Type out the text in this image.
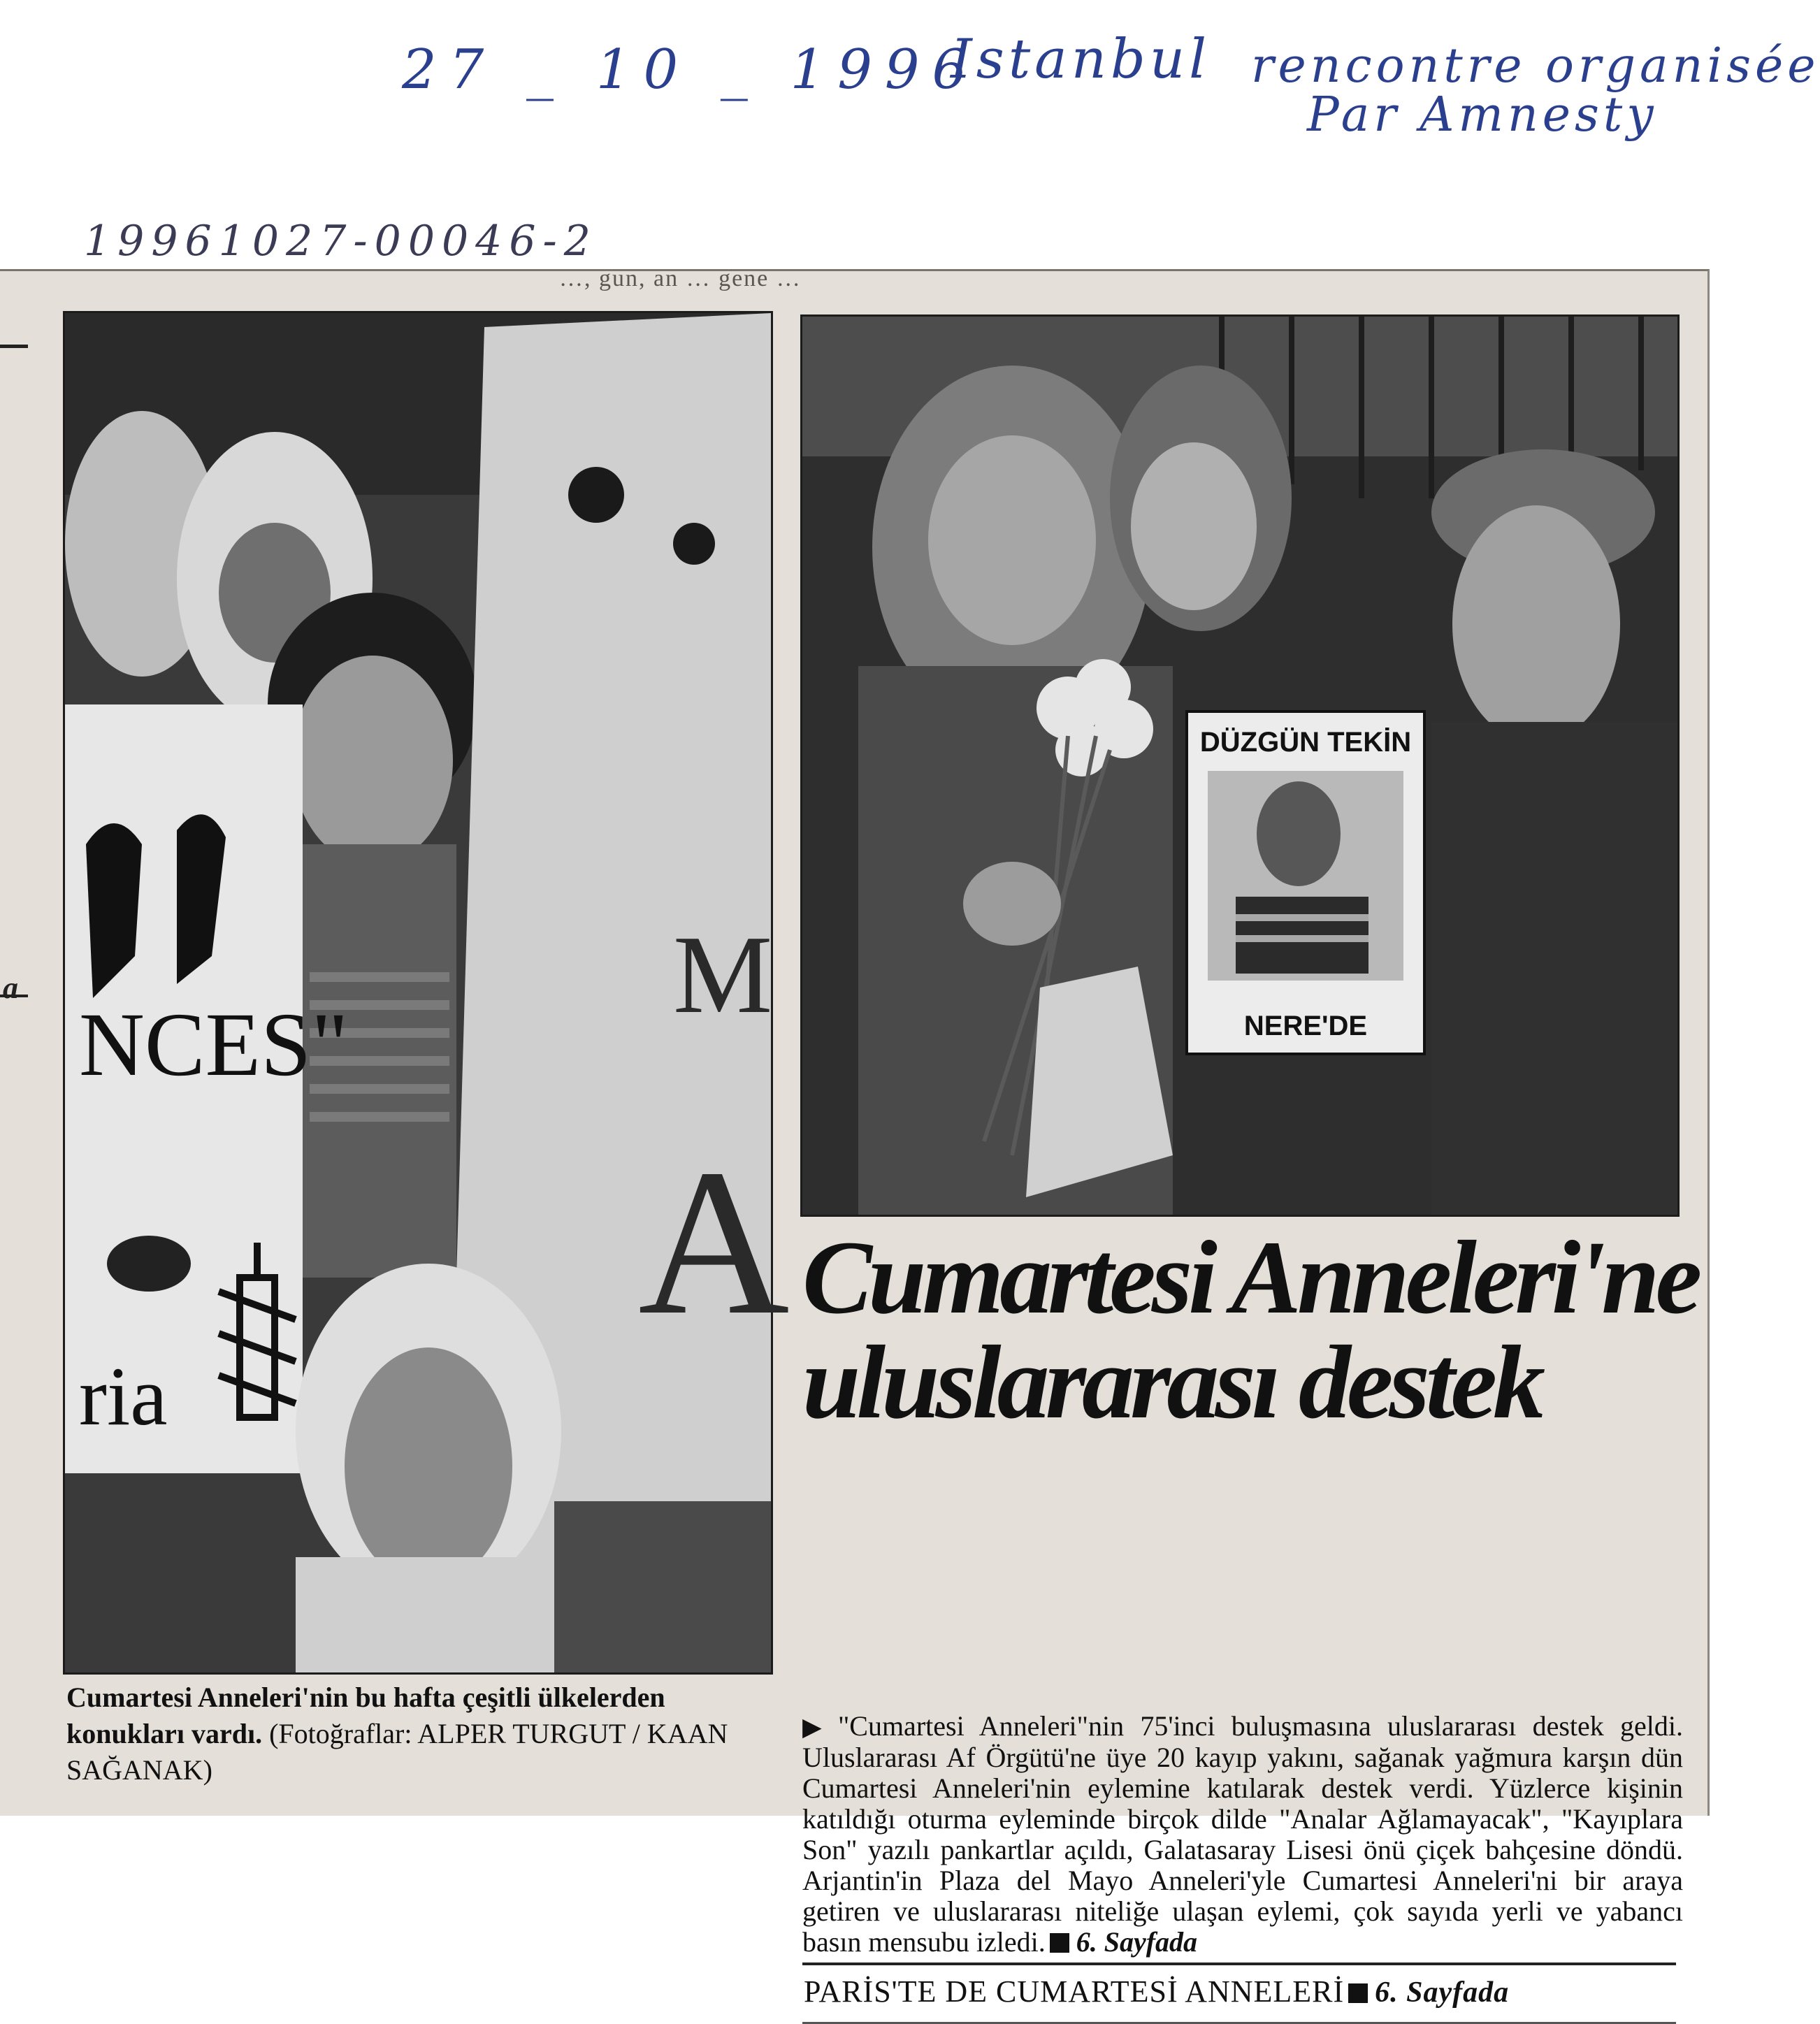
27 _ 10 _ 1996
Istanbul rencontre organisée
Par Amnesty
19961027-00046-2
…, gun, an … gene …
a
NCES"
ria
M
A
DÜZGÜN TEKİN
NERE'DE
Cumartesi Anneleri'nin bu hafta çeşitli ülkelerden konukları vardı. (Fotoğraflar: ALPER TURGUT / KAAN SAĞANAK)
Cumartesi Anneleri'ne
uluslararası destek
▶ "Cumartesi Anneleri"nin 75'inci buluşmasına uluslararası destek geldi. Uluslararası Af Örgütü'ne üye 20 kayıp yakını, sağanak yağmura karşın dün Cumartesi Anneleri'nin eylemine katılarak destek verdi. Yüzlerce kişinin katıldığı oturma eyleminde birçok dilde "Analar Ağlamayacak", "Kayıplara Son" yazılı pankartlar açıldı, Galatasaray Lisesi önü çiçek bahçesine döndü. Arjantin'in Plaza del Mayo Anneleri'yle Cumartesi Anneleri'ni bir araya getiren ve uluslararası niteliğe ulaşan eylemi, çok sayıda yerli ve yabancı basın mensubu izledi. 6. Sayfada
PARİS'TE DE CUMARTESİ ANNELERİ 6. Sayfada
